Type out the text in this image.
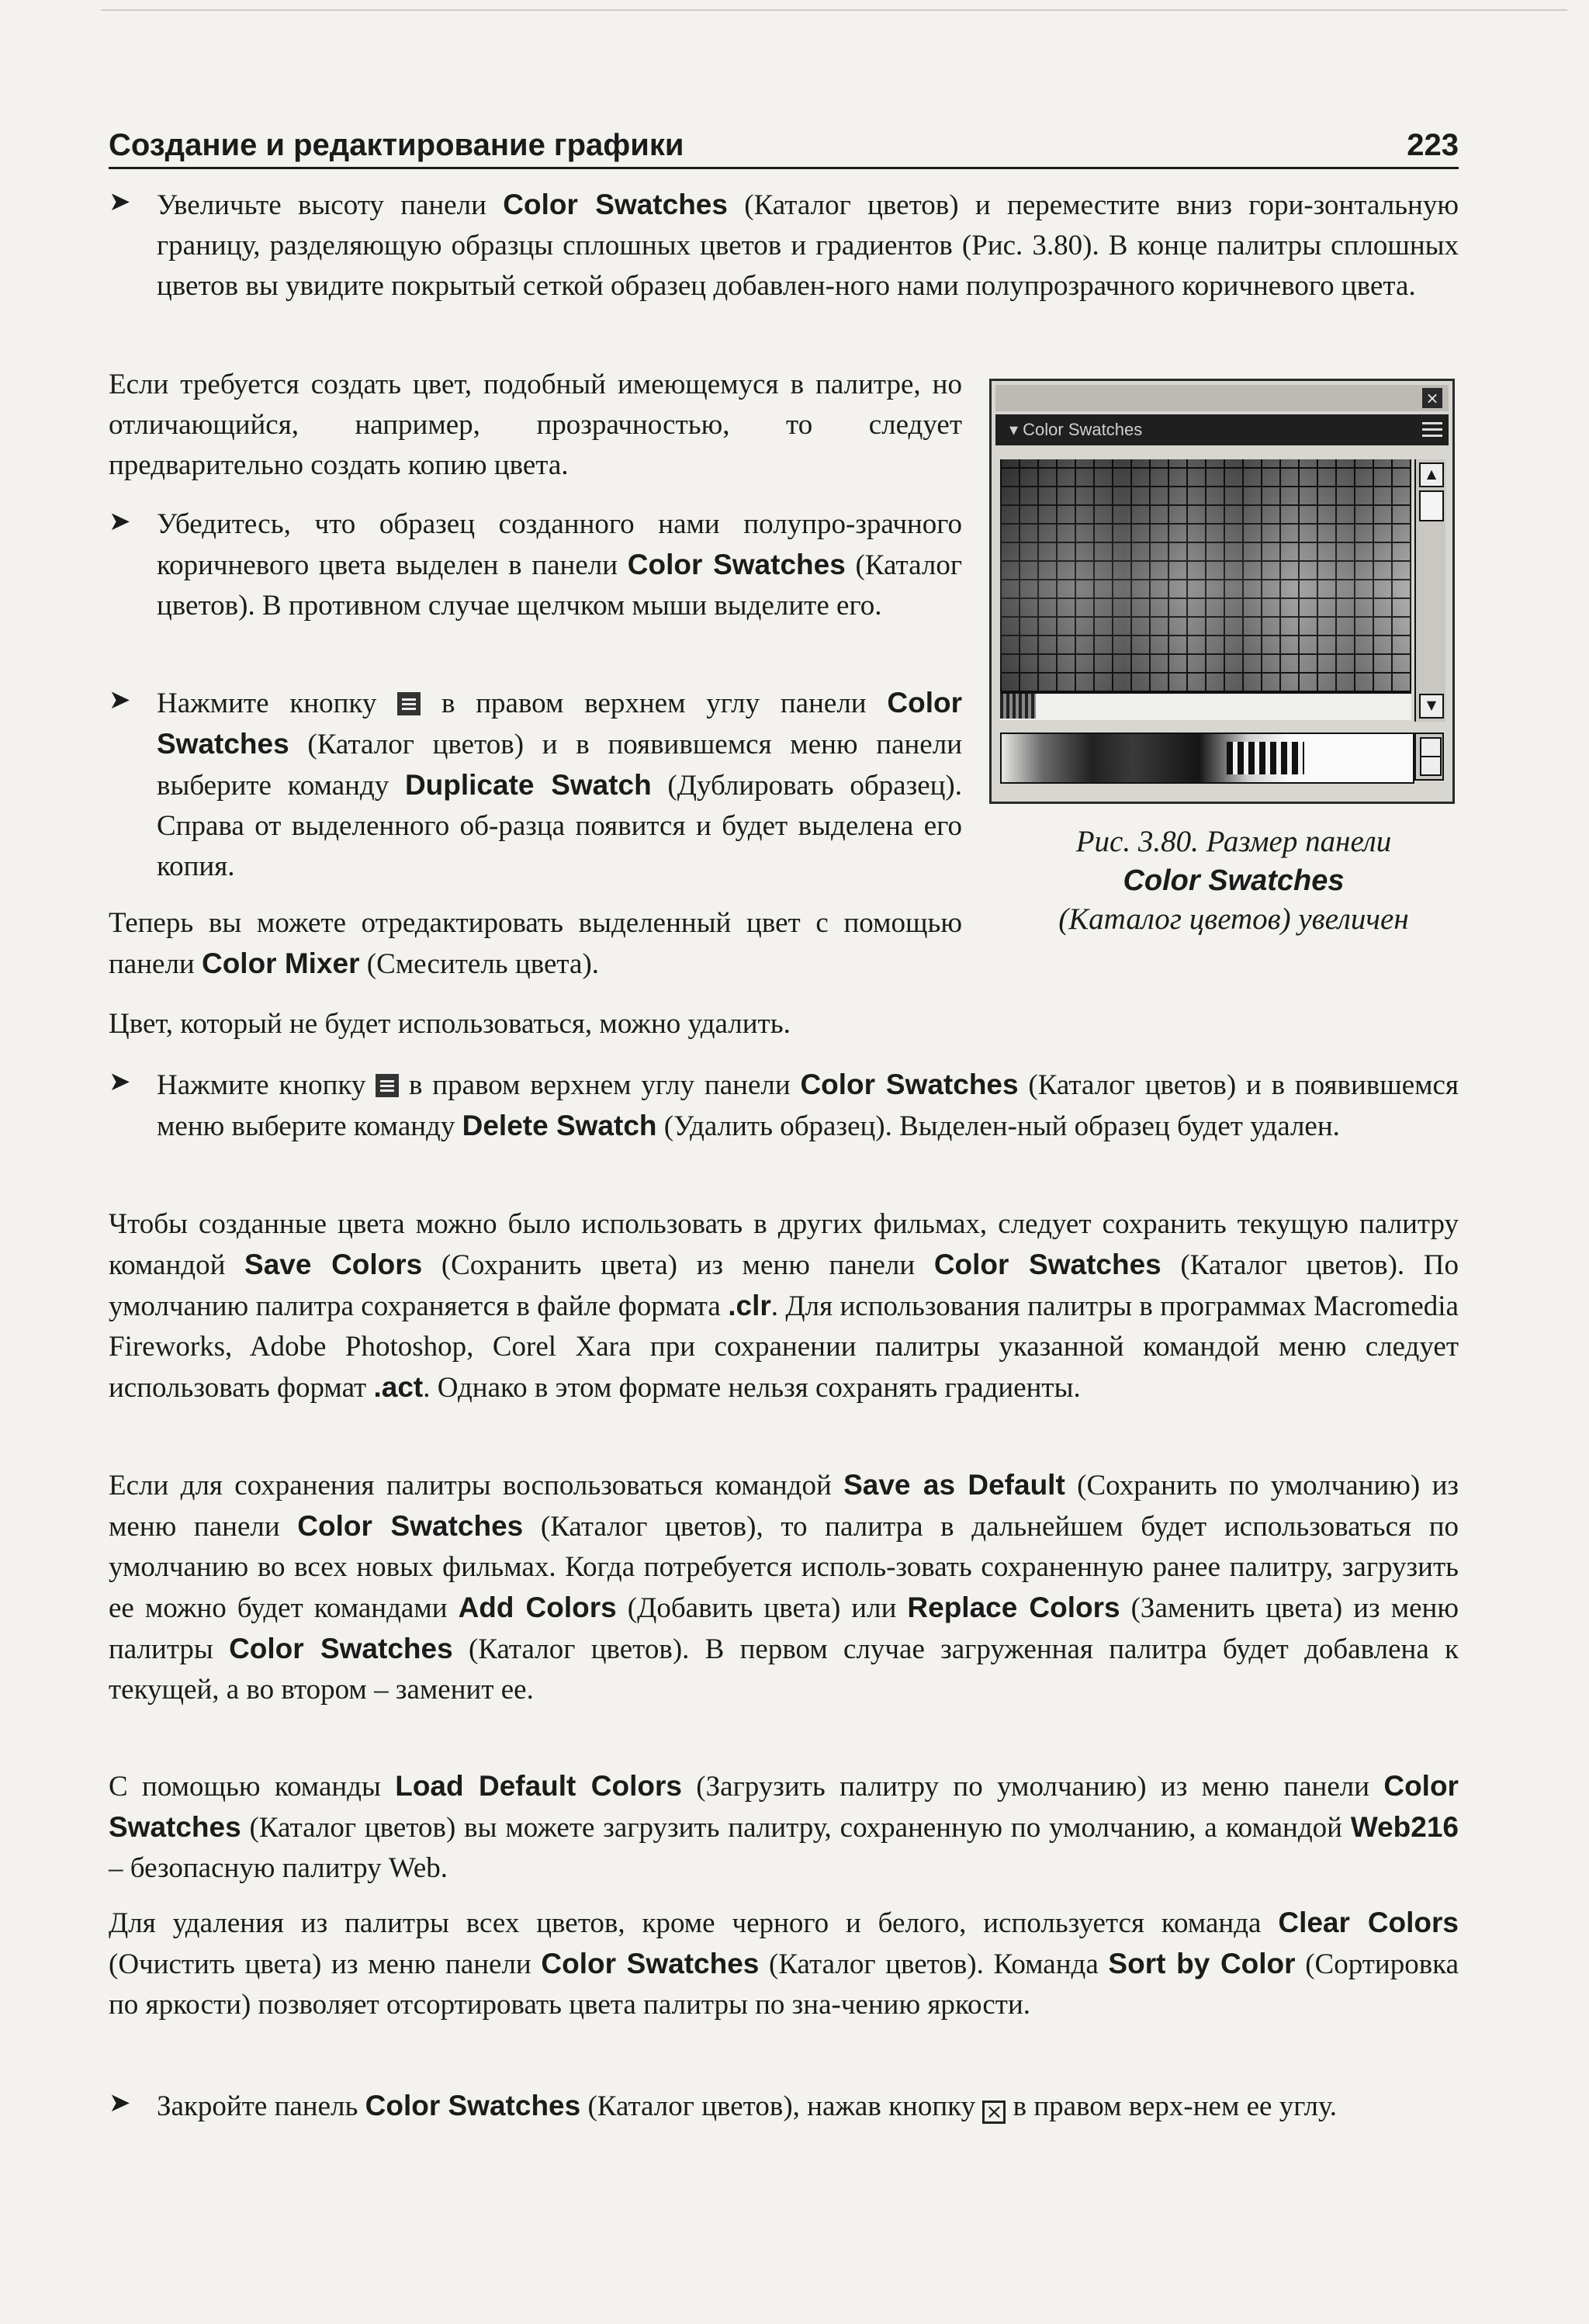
Создание и редактирование графики	223
➤ Увеличьте высоту панели Color Swatches (Каталог цветов) и переместите вниз гори-зонтальную границу, разделяющую образцы сплошных цветов и градиентов (Рис. 3.80). В конце палитры сплошных цветов вы увидите покрытый сеткой образец добавлен-ного нами полупрозрачного коричневого цвета.
Если требуется создать цвет, подобный имеющемуся в палитре, но отличающийся, например, прозрачностью, то следует предварительно создать копию цвета.
➤ Убедитесь, что образец созданного нами полупро-зрачного коричневого цвета выделен в панели Color Swatches (Каталог цветов). В противном случае щелчком мыши выделите его.
➤ Нажмите кнопку  в правом верхнем углу панели Color Swatches (Каталог цветов) и в появившемся меню панели выберите команду Duplicate Swatch (Дублировать образец). Справа от выделенного об-разца появится и будет выделена его копия.
Теперь вы можете отредактировать выделенный цвет с помощью панели Color Mixer (Смеситель цвета).
Цвет, который не будет использоваться, можно удалить.
➤ Нажмите кнопку  в правом верхнем углу панели Color Swatches (Каталог цветов) и в появившемся меню выберите команду Delete Swatch (Удалить образец). Выделен-ный образец будет удален.
Чтобы созданные цвета можно было использовать в других фильмах, следует сохранить текущую палитру командой Save Colors (Сохранить цвета) из меню панели Color Swatches (Каталог цветов). По умолчанию палитра сохраняется в файле формата .clr. Для использования палитры в программах Macromedia Fireworks, Adobe Photoshop, Corel Xara при сохранении палитры указанной командой меню следует использовать формат .act. Однако в этом формате нельзя сохранять градиенты.
Если для сохранения палитры воспользоваться командой Save as Default (Сохранить по умолчанию) из меню панели Color Swatches (Каталог цветов), то палитра в дальнейшем будет использоваться по умолчанию во всех новых фильмах. Когда потребуется исполь-зовать сохраненную ранее палитру, загрузить ее можно будет командами Add Colors (Добавить цвета) или Replace Colors (Заменить цвета) из меню палитры Color Swatches (Каталог цветов). В первом случае загруженная палитра будет добавлена к текущей, а во втором – заменит ее.
С помощью команды Load Default Colors (Загрузить палитру по умолчанию) из меню панели Color Swatches (Каталог цветов) вы можете загрузить палитру, сохраненную по умолчанию, а командой Web216 – безопасную палитру Web.
Для удаления из палитры всех цветов, кроме черного и белого, используется команда Clear Colors (Очистить цвета) из меню панели Color Swatches (Каталог цветов). Команда Sort by Color (Сортировка по яркости) позволяет отсортировать цвета палитры по зна-чению яркости.
➤ Закройте панель Color Swatches (Каталог цветов), нажав кнопку × в правом верх-нем ее углу.
×
▾ Color Swatches
▲
▼
Рис. 3.80. Размер панели
Color Swatches
(Каталог цветов) увеличен
